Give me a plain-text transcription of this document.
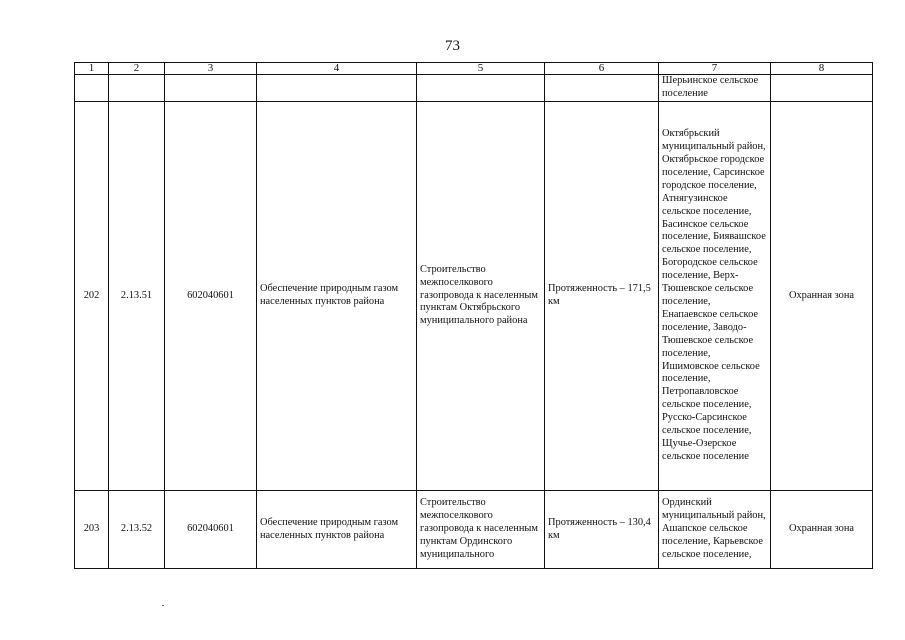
73
1	2	3	4	5	6	7	8
						Шерьинское сельское поселение	
202	2.13.51	602040601	Обеспечение природным газом населенных пунктов района	Строительство межпоселкового газопровода к населенным пунктам Октябрьского муниципального района	Протяженность – 171,5 км	Октябрьский муниципальный район, Октябрьское городское поселение, Сарсинское городское поселение, Атнягузинское сельское поселение, Басинское сельское поселение, Биявашское сельское поселение, Богородское сельское поселение, Верх-Тюшевское сельское поселение, Енапаевское сельское поселение, Заводо-Тюшевское сельское поселение, Ишимовское сельское поселение, Петропавловское сельское поселение, Русско-Сарсинское сельское поселение, Щучье-Озерское сельское поселение	Охранная зона
203	2.13.52	602040601	Обеспечение природным газом населенных пунктов района	Строительство межпоселкового газопровода к населенным пунктам Ординского муниципального	Протяженность – 130,4 км	Ординский муниципальный район, Ашапское сельское поселение, Карьевское сельское поселение,	Охранная зона
